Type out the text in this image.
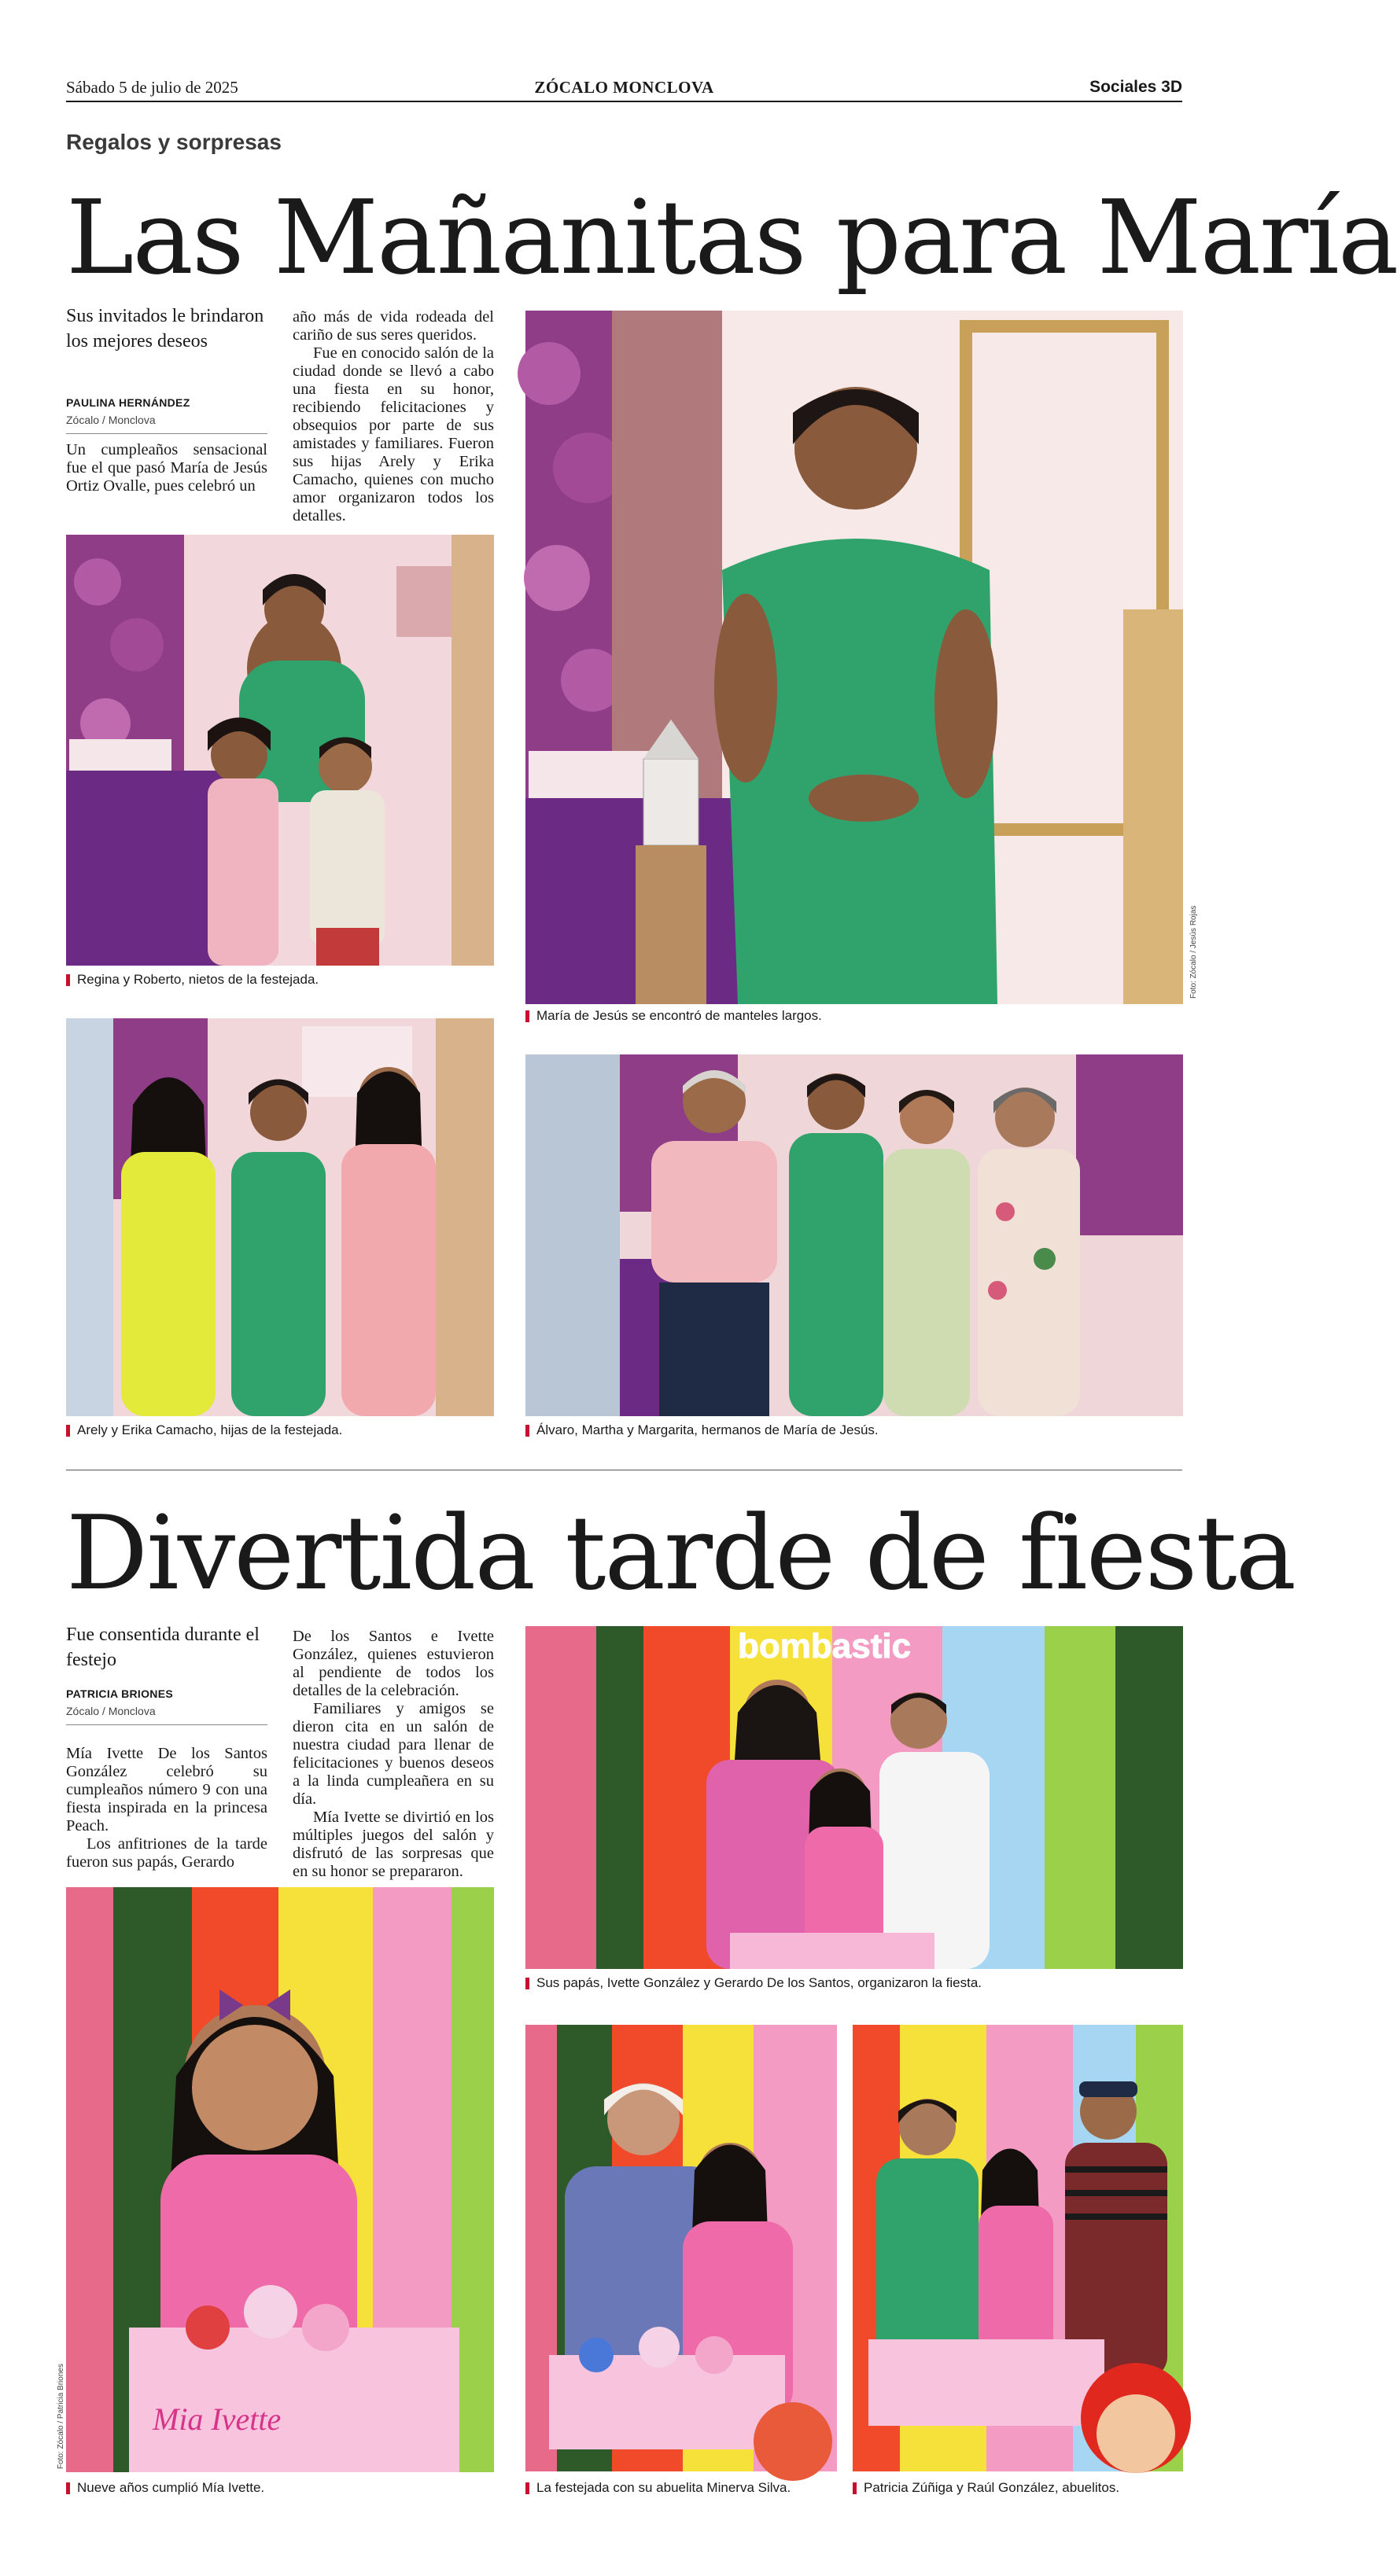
Sábado 5 de julio de 2025	ZÓCALO MONCLOVA	Sociales 3D
Regalos y sorpresas
Las Mañanitas para María
Sus invitados le brindaron los mejores deseos
PAULINA HERNÁNDEZ
Zócalo / Monclova

Un cumpleaños sensacional fue el que pasó María de Jesús Ortiz Ovalle, pues celebró un

año más de vida rodeada del cariño de sus seres queridos.

Fue en conocido salón de la ciudad donde se llevó a cabo una fiesta en su honor, recibiendo felicitaciones y obsequios por parte de sus amistades y familiares. Fueron sus hijas Arely y Erika Camacho, quienes con mucho amor organizaron todos los detalles.

Regina y Roberto, nietos de la festejada.
María de Jesús se encontró de manteles largos.
Foto: Zócalo / Jesús Rojas
Arely y Erika Camacho, hijas de la festejada.	Álvaro, Martha y Margarita, hermanos de María de Jesús.
Divertida tarde de fiesta
Fue consentida durante el festejo
PATRICIA BRIONES
Zócalo / Monclova

Mía Ivette De los Santos González celebró su cumpleaños número 9 con una fiesta inspirada en la princesa Peach.

Los anfitriones de la tarde fueron sus papás, Gerardo

De los Santos e Ivette González, quienes estuvieron al pendiente de todos los detalles de la celebración.

Familiares y amigos se dieron cita en un salón de nuestra ciudad para llenar de felicitaciones y buenos deseos a la linda cumpleañera en su día.

Mía Ivette se divirtió en los múltiples juegos del salón y disfrutó de las sorpresas que en su honor se prepararon.

bombastic
Sus papás, Ivette González y Gerardo De los Santos, organizaron la fiesta.
Mia Ivette
Foto: Zócalo / Patricia Briones
Nueve años cumplió Mía Ivette.	La festejada con su abuelita Minerva Silva.	Patricia Zúñiga y Raúl González, abuelitos.
